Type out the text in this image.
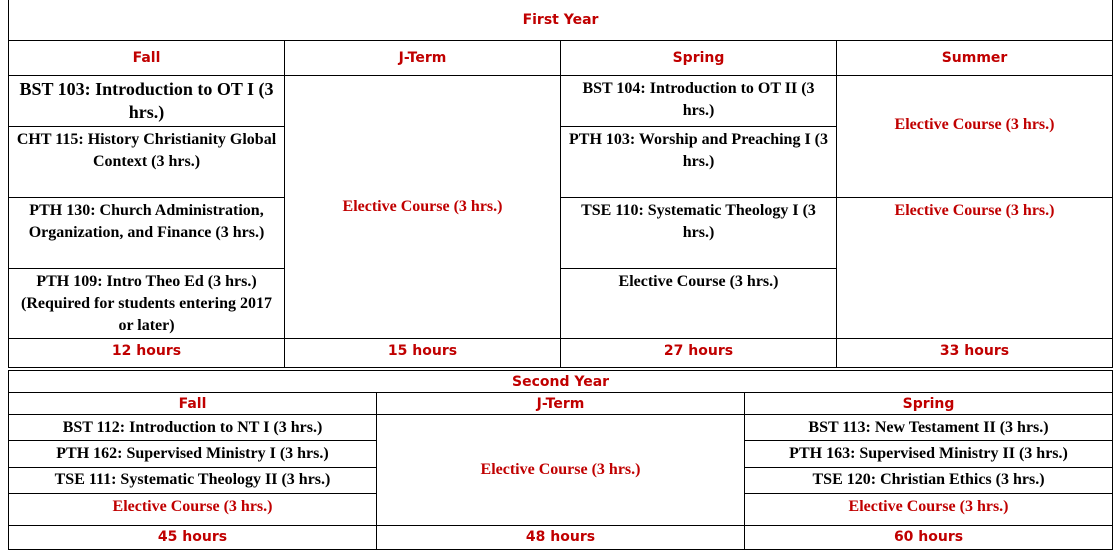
First Year			
Fall	J-Term	Spring	Summer
BST 103: Introduction to OT I (3 hrs.)	Elective Course (3 hrs.)	BST 104: Introduction to OT II (3 hrs.)	Elective Course (3 hrs.)
CHT 115: History Christianity Global Context (3 hrs.)		PTH 103: Worship and Preaching I (3 hrs.)	
PTH 130: Church Administration, Organization, and Finance (3 hrs.)		TSE 110: Systematic Theology I (3 hrs.)	Elective Course (3 hrs.)
PTH 109: Intro Theo Ed (3 hrs.) (Required for students entering 2017 or later)		Elective Course (3 hrs.)	
12 hours	15 hours	27 hours	33 hours
Second Year		
Fall	J-Term	Spring
BST 112: Introduction to NT I (3 hrs.)	Elective Course (3 hrs.)	BST 113: New Testament II (3 hrs.)
PTH 162: Supervised Ministry I (3 hrs.)		PTH 163: Supervised Ministry II (3 hrs.)
TSE 111: Systematic Theology II (3 hrs.)		TSE 120: Christian Ethics (3 hrs.)
Elective Course (3 hrs.)		Elective Course (3 hrs.)
45 hours	48 hours	60 hours
